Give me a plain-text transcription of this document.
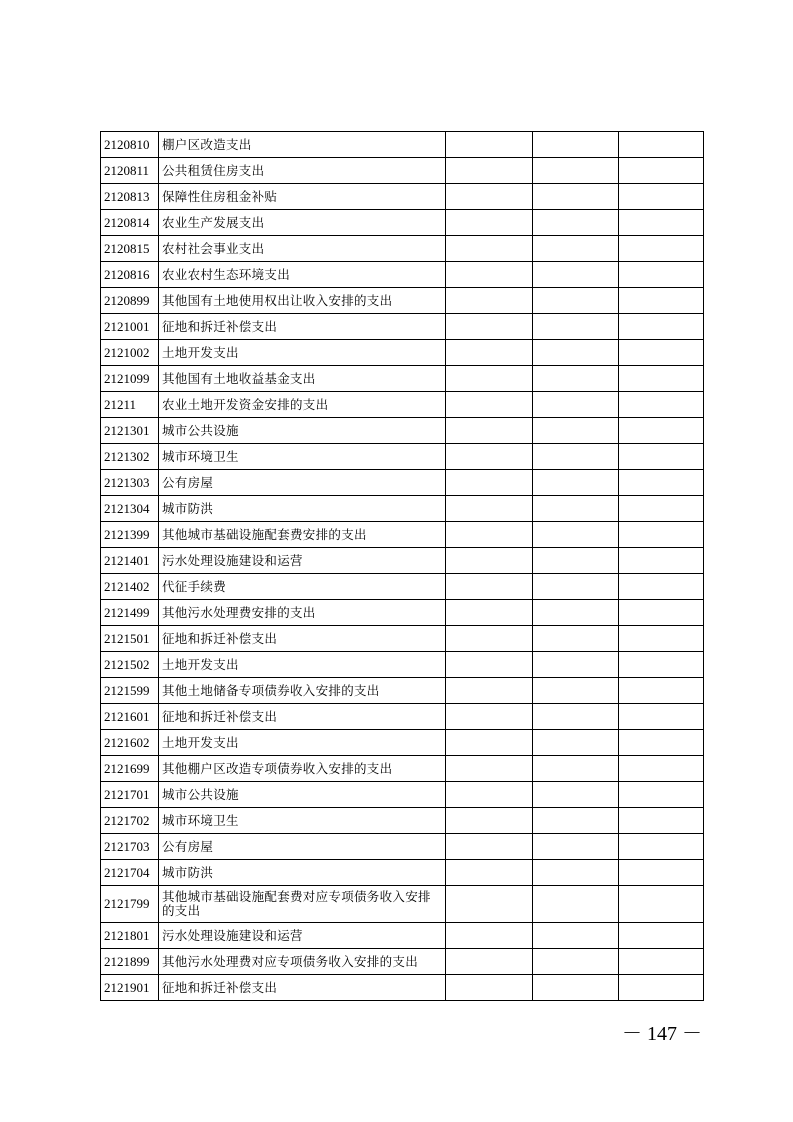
2120810	棚户区改造支出			
2120811	公共租赁住房支出			
2120813	保障性住房租金补贴			
2120814	农业生产发展支出			
2120815	农村社会事业支出			
2120816	农业农村生态环境支出			
2120899	其他国有土地使用权出让收入安排的支出			
2121001	征地和拆迁补偿支出			
2121002	土地开发支出			
2121099	其他国有土地收益基金支出			
21211	农业土地开发资金安排的支出			
2121301	城市公共设施			
2121302	城市环境卫生			
2121303	公有房屋			
2121304	城市防洪			
2121399	其他城市基础设施配套费安排的支出			
2121401	污水处理设施建设和运营			
2121402	代征手续费			
2121499	其他污水处理费安排的支出			
2121501	征地和拆迁补偿支出			
2121502	土地开发支出			
2121599	其他土地储备专项债券收入安排的支出			
2121601	征地和拆迁补偿支出			
2121602	土地开发支出			
2121699	其他棚户区改造专项债券收入安排的支出			
2121701	城市公共设施			
2121702	城市环境卫生			
2121703	公有房屋			
2121704	城市防洪			
2121799	其他城市基础设施配套费对应专项债务收入安排的支出			
2121801	污水处理设施建设和运营			
2121899	其他污水处理费对应专项债务收入安排的支出			
2121901	征地和拆迁补偿支出			
－ 147 －
